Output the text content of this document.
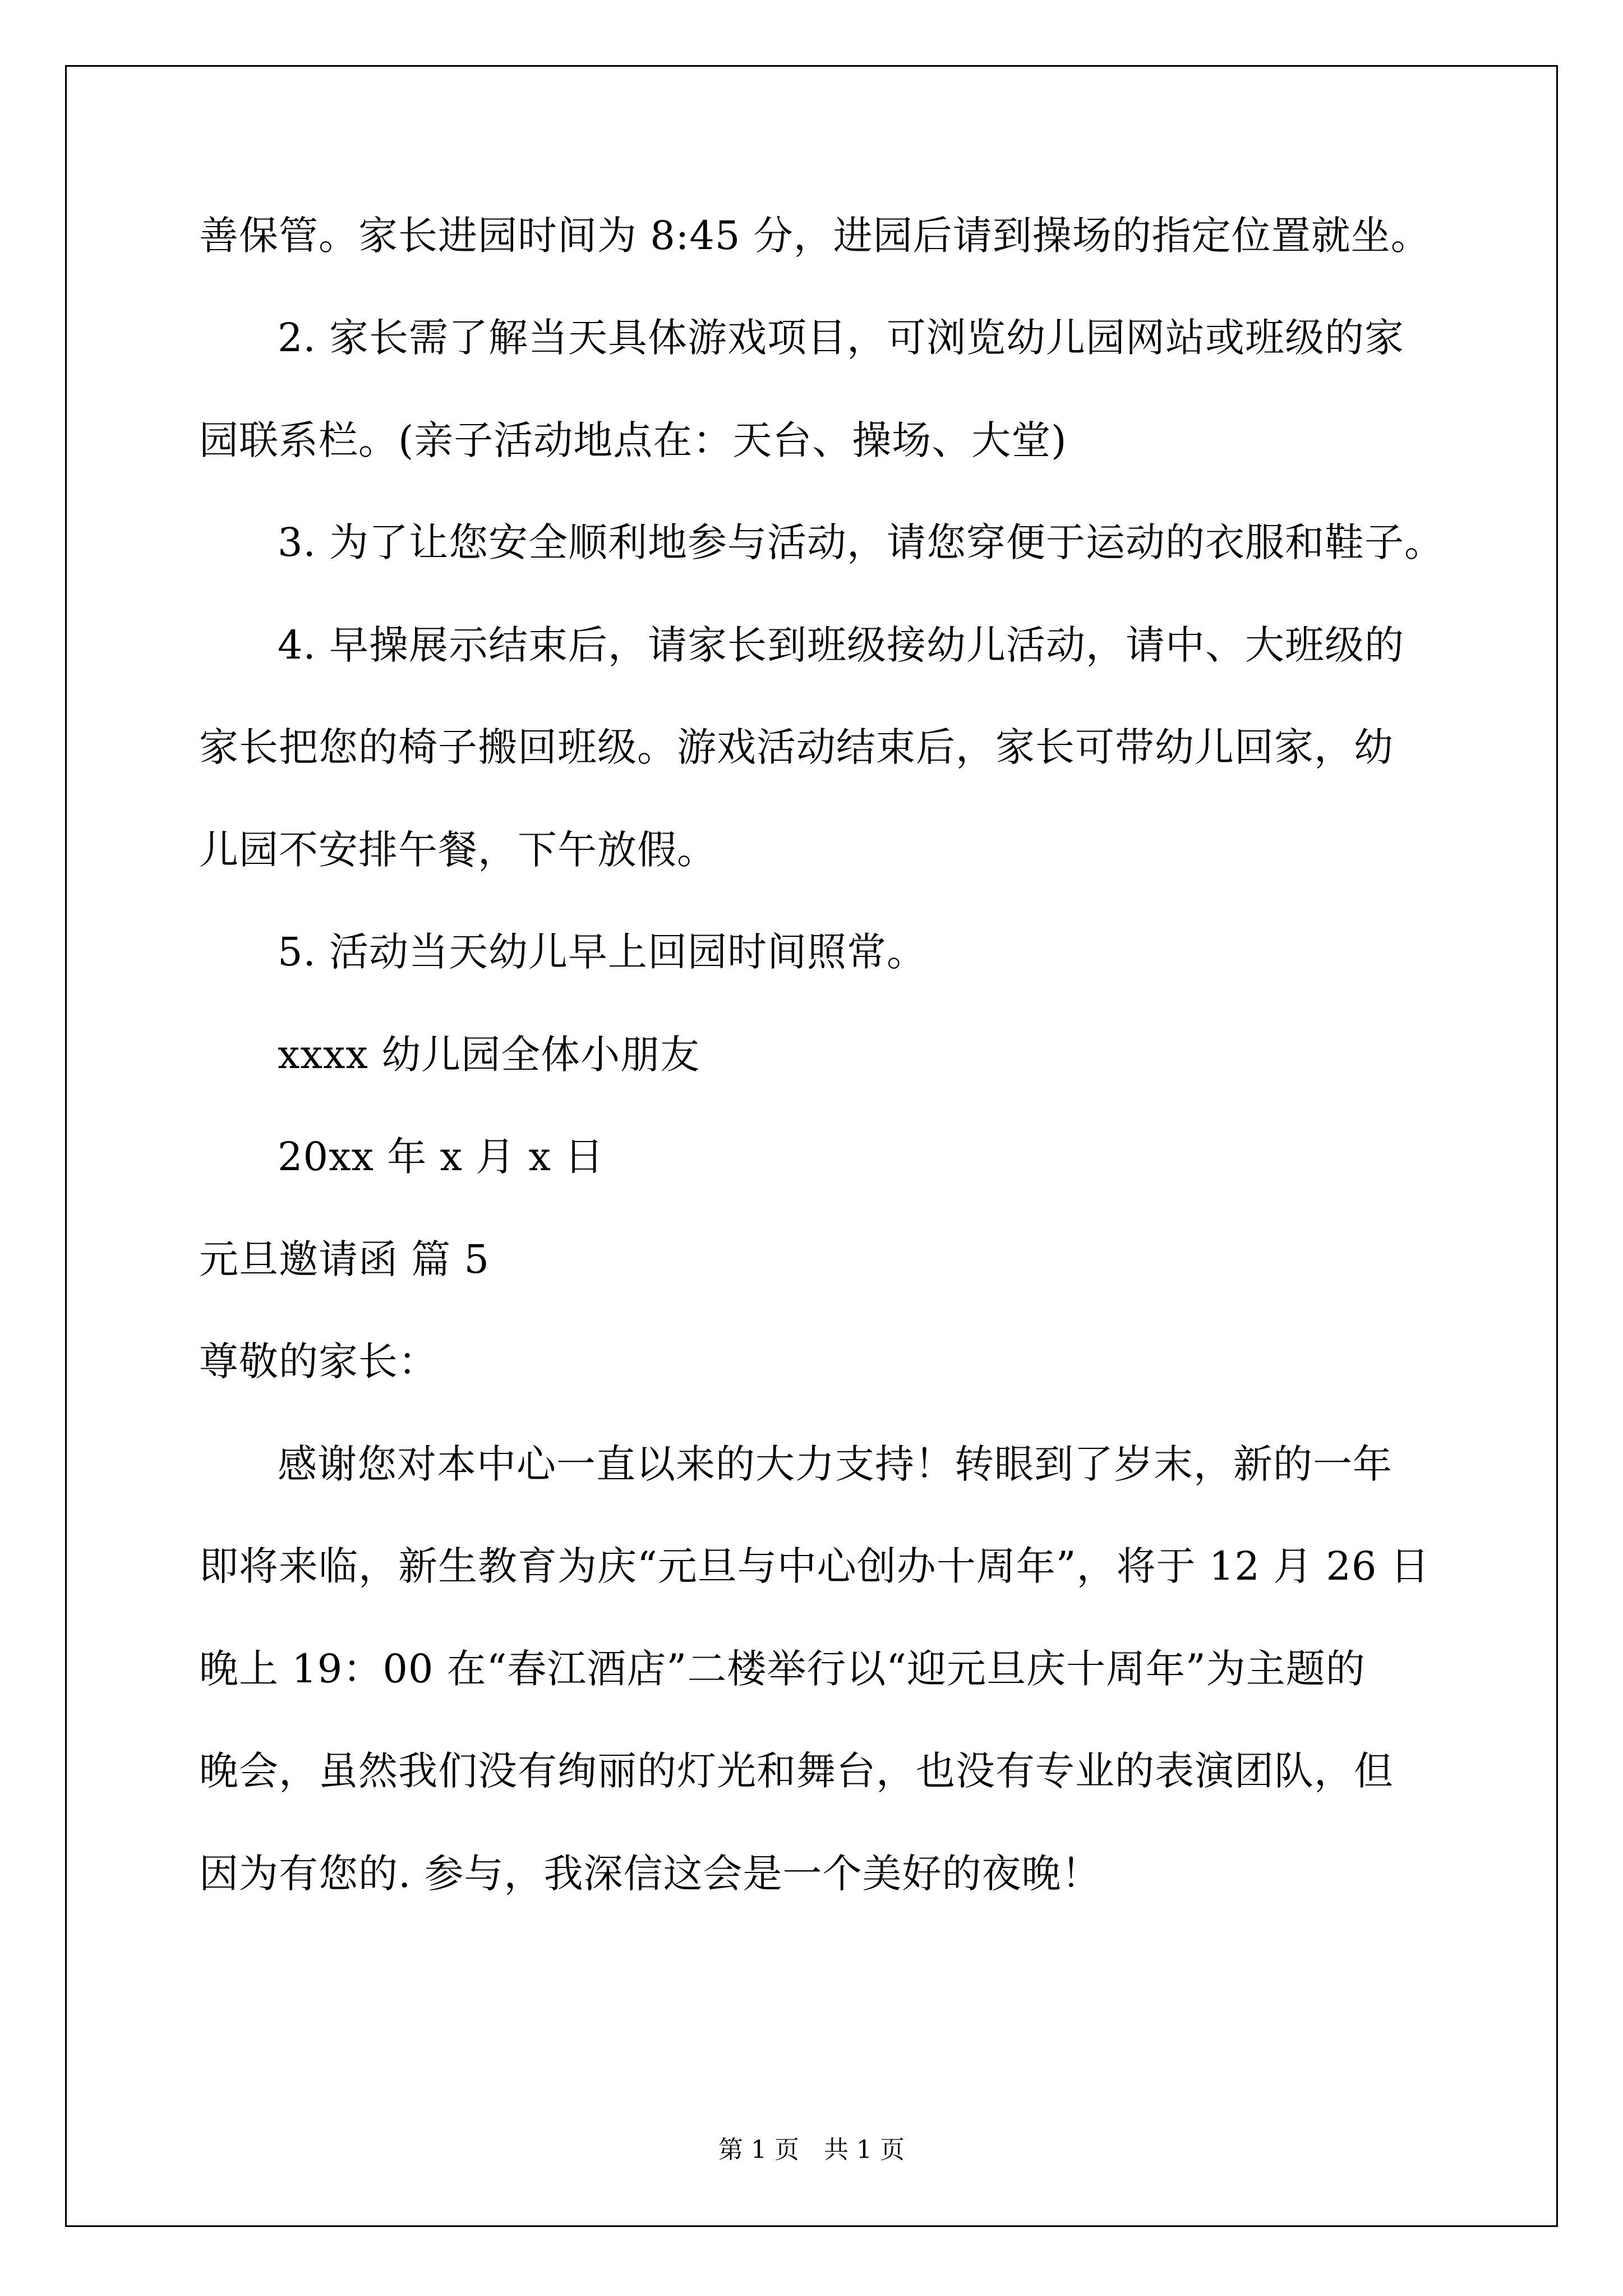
善保管。家长进园时间为 8:45 分，进园后请到操场的指定位置就坐。
2. 家长需了解当天具体游戏项目，可浏览幼儿园网站或班级的家
园联系栏。(亲子活动地点在：天台、操场、大堂)
3. 为了让您安全顺利地参与活动，请您穿便于运动的衣服和鞋子。
4. 早操展示结束后，请家长到班级接幼儿活动，请中、大班级的
家长把您的椅子搬回班级。游戏活动结束后，家长可带幼儿回家，幼
儿园不安排午餐，下午放假。
5. 活动当天幼儿早上回园时间照常。
xxxx 幼儿园全体小朋友
20xx 年 x 月 x 日
元旦邀请函 篇 5
尊敬的家长：
感谢您对本中心一直以来的大力支持！转眼到了岁末，新的一年
即将来临，新生教育为庆“元旦与中心创办十周年”，将于 12 月 26 日
晚上 19：00 在“春江酒店”二楼举行以“迎元旦庆十周年”为主题的
晚会，虽然我们没有绚丽的灯光和舞台，也没有专业的表演团队，但
因为有您的. 参与，我深信这会是一个美好的夜晚！
第 1 页　共 1 页
